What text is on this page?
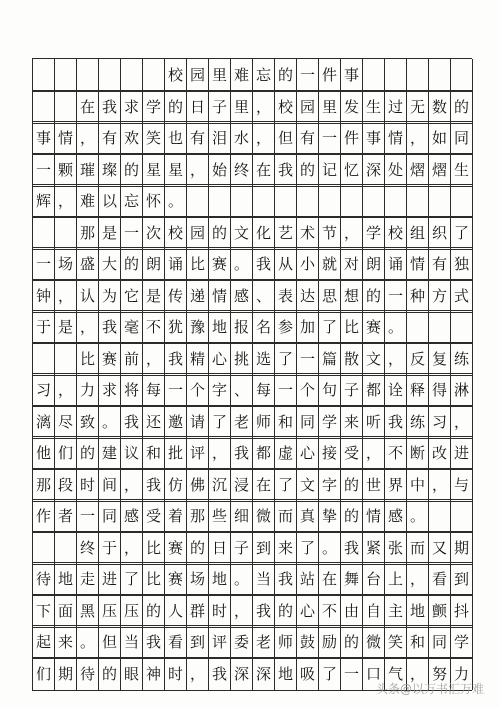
校 园 里 难 忘 的 一 件 事
在 我 求 学 的 日 子 里 ， 校 园 里 发 生 过 无 数 的
事 情 ， 有 欢 笑 也 有 泪 水 ， 但 有 一 件 事 情 ， 如 同
一 颗 璀 璨 的 星 星 ， 始 终 在 我 的 记 忆 深 处 熠 熠 生
辉 ， 难 以 忘 怀 。
那 是 一 次 校 园 的 文 化 艺 术 节 ， 学 校 组 织 了
一 场 盛 大 的 朗 诵 比 赛 。 我 从 小 就 对 朗 诵 情 有 独
钟 ， 认 为 它 是 传 递 情 感 、 表 达 思 想 的 一 种 方 式
于 是 ， 我 毫 不 犹 豫 地 报 名 参 加 了 比 赛 。
比 赛 前 ， 我 精 心 挑 选 了 一 篇 散 文 ， 反 复 练
习 ， 力 求 将 每 一 个 字 、 每 一 个 句 子 都 诠 释 得 淋
漓 尽 致 。 我 还 邀 请 了 老 师 和 同 学 来 听 我 练 习 ，
他 们 的 建 议 和 批 评 ， 我 都 虚 心 接 受 ， 不 断 改 进
那 段 时 间 ， 我 仿 佛 沉 浸 在 了 文 字 的 世 界 中 ， 与
作 者 一 同 感 受 着 那 些 细 微 而 真 挚 的 情 感 。
终 于 ， 比 赛 的 日 子 到 来 了 。 我 紧 张 而 又 期
待 地 走 进 了 比 赛 场 地 。 当 我 站 在 舞 台 上 ， 看 到
下 面 黑 压 压 的 人 群 时 ， 我 的 心 不 由 自 主 地 颤 抖
起 来 。 但 当 我 看 到 评 委 老 师 鼓 励 的 微 笑 和 同 学
们 期 待 的 眼 神 时 ， 我 深 深 地 吸 了 一 口 气 ， 努 力
头条@以万书汇万难
